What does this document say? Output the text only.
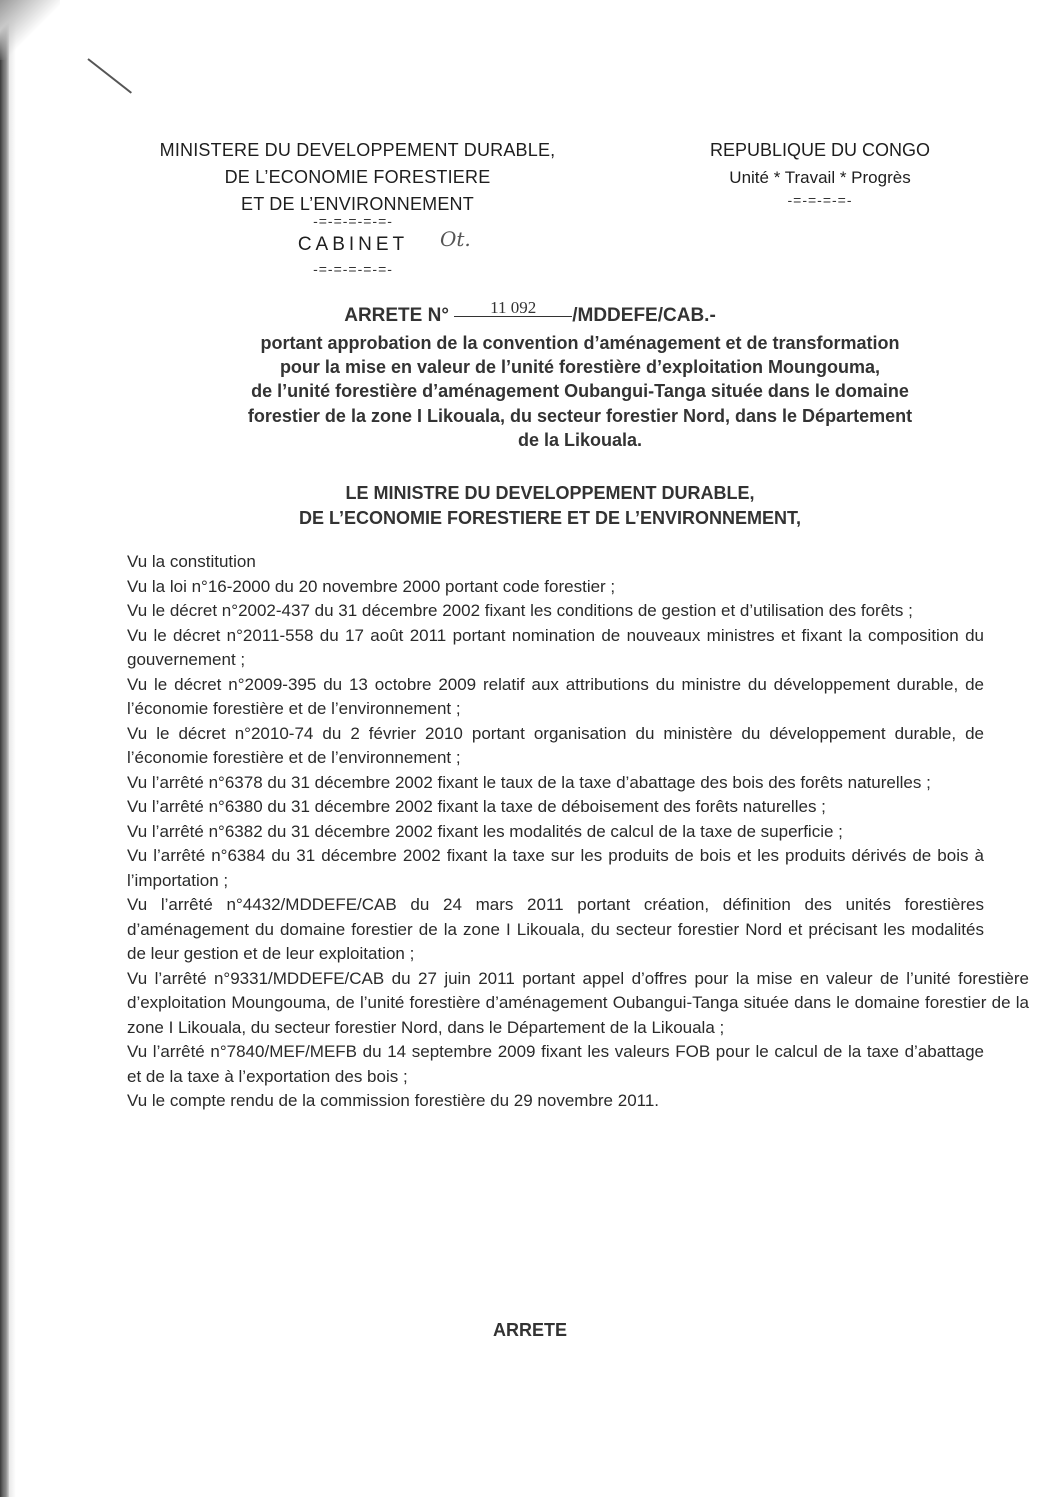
MINISTERE DU DEVELOPPEMENT DURABLE,
DE L’ECONOMIE FORESTIERE
ET DE L’ENVIRONNEMENT
-=-=-=-=-=-
CABINET
-=-=-=-=-=-
Ot.
REPUBLIQUE DU CONGO
Unité * Travail * Progrès
-=-=-=-=-
ARRETE N° 11 092 /MDDEFE/CAB.-
portant approbation de la convention d’aménagement et de transformation
pour la mise en valeur de l’unité forestière d’exploitation Moungouma,
de l’unité forestière d’aménagement Oubangui-Tanga située dans le domaine
forestier de la zone I Likouala, du secteur forestier Nord, dans le Département
de la Likouala.
LE MINISTRE DU DEVELOPPEMENT DURABLE,
DE L’ECONOMIE FORESTIERE ET DE L’ENVIRONNEMENT,

Vu la constitution

Vu la loi n°16-2000 du 20 novembre 2000 portant code forestier ;

Vu le décret n°2002-437 du 31 décembre 2002 fixant les conditions de gestion et d’utilisation des forêts ;

Vu le décret n°2011-558 du 17 août 2011 portant nomination de nouveaux ministres et fixant la composition du gouvernement ;

Vu le décret n°2009-395 du 13 octobre 2009 relatif aux attributions du ministre du développement durable, de l’économie forestière et de l’environnement ;

Vu le décret n°2010-74 du 2 février 2010 portant organisation du ministère du développement durable, de l’économie forestière et de l’environnement ;

Vu l’arrêté n°6378 du 31 décembre 2002 fixant le taux de la taxe d’abattage des bois des forêts naturelles ;

Vu l’arrêté n°6380 du 31 décembre 2002 fixant la taxe de déboisement des forêts naturelles ;

Vu l’arrêté n°6382 du 31 décembre 2002 fixant les modalités de calcul de la taxe de superficie ;

Vu l’arrêté n°6384 du 31 décembre 2002 fixant la taxe sur les produits de bois et les produits dérivés de bois à l’importation ;

Vu l’arrêté n°4432/MDDEFE/CAB du 24 mars 2011 portant création, définition des unités forestières d’aménagement du domaine forestier de la zone I Likouala, du secteur forestier Nord et précisant les modalités de leur gestion et de leur exploitation ;

Vu l’arrêté n°9331/MDDEFE/CAB du 27 juin 2011 portant appel d’offres pour la mise en valeur de l’unité forestière d’exploitation Moungouma, de l’unité forestière d’aménagement Oubangui-Tanga située dans le domaine forestier de la zone I Likouala, du secteur forestier Nord, dans le Département de la Likouala ;

Vu l’arrêté n°7840/MEF/MEFB du 14 septembre 2009 fixant les valeurs FOB pour le calcul de la taxe d’abattage et de la taxe à l’exportation des bois ;

Vu le compte rendu de la commission forestière du 29 novembre 2011.

ARRETE
